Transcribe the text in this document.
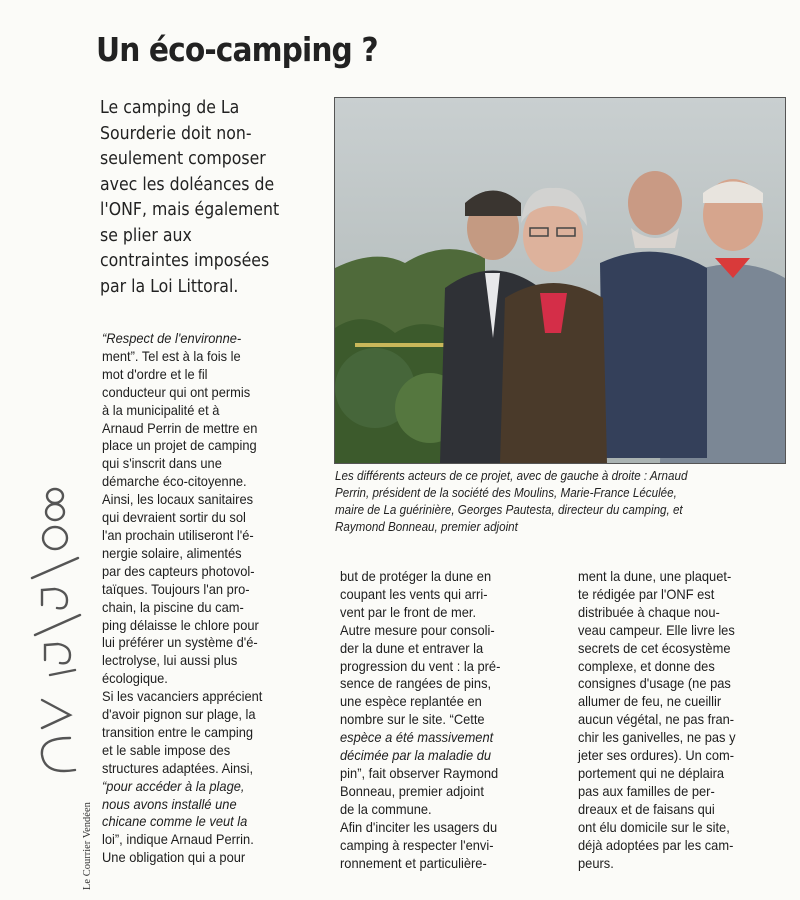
Un éco-camping ?
Le camping de La
Sourderie doit non-
seulement composer
avec les doléances de
l'ONF, mais également
se plier aux
contraintes imposées
par la Loi Littoral.
Les différents acteurs de ce projet, avec de gauche à droite : Arnaud
Perrin, président de la société des Moulins, Marie-France Léculée,
maire de La guérinière, Georges Pautesta, directeur du camping, et
Raymond Bonneau, premier adjoint
“Respect de l'environne-
ment”. Tel est à la fois le
mot d'ordre et le fil
conducteur qui ont permis
à la municipalité et à
Arnaud Perrin de mettre en
place un projet de camping
qui s'inscrit dans une
démarche éco-citoyenne.
Ainsi, les locaux sanitaires
qui devraient sortir du sol
l'an prochain utiliseront l'é-
nergie solaire, alimentés
par des capteurs photovol-
taïques. Toujours l'an pro-
chain, la piscine du cam-
ping délaisse le chlore pour
lui préférer un système d'é-
lectrolyse, lui aussi plus
écologique.
Si les vacanciers apprécient
d'avoir pignon sur plage, la
transition entre le camping
et le sable impose des
structures adaptées. Ainsi,
“pour accéder à la plage,
nous avons installé une
chicane comme le veut la
loi”, indique Arnaud Perrin.
Une obligation qui a pour
but de protéger la dune en
coupant les vents qui arri-
vent par le front de mer.
Autre mesure pour consoli-
der la dune et entraver la
progression du vent : la pré-
sence de rangées de pins,
une espèce replantée en
nombre sur le site. “Cette
espèce a été massivement
décimée par la maladie du
pin”, fait observer Raymond
Bonneau, premier adjoint
de la commune.
Afin d'inciter les usagers du
camping à respecter l'envi-
ronnement et particulière-
ment la dune, une plaquet-
te rédigée par l'ONF est
distribuée à chaque nou-
veau campeur. Elle livre les
secrets de cet écosystème
complexe, et donne des
consignes d'usage (ne pas
allumer de feu, ne cueillir
aucun végétal, ne pas fran-
chir les ganivelles, ne pas y
jeter ses ordures). Un com-
portement qui ne déplaira
pas aux familles de per-
dreaux et de faisans qui
ont élu domicile sur le site,
déjà adoptées par les cam-
peurs.
Le Courrier Vendéen
